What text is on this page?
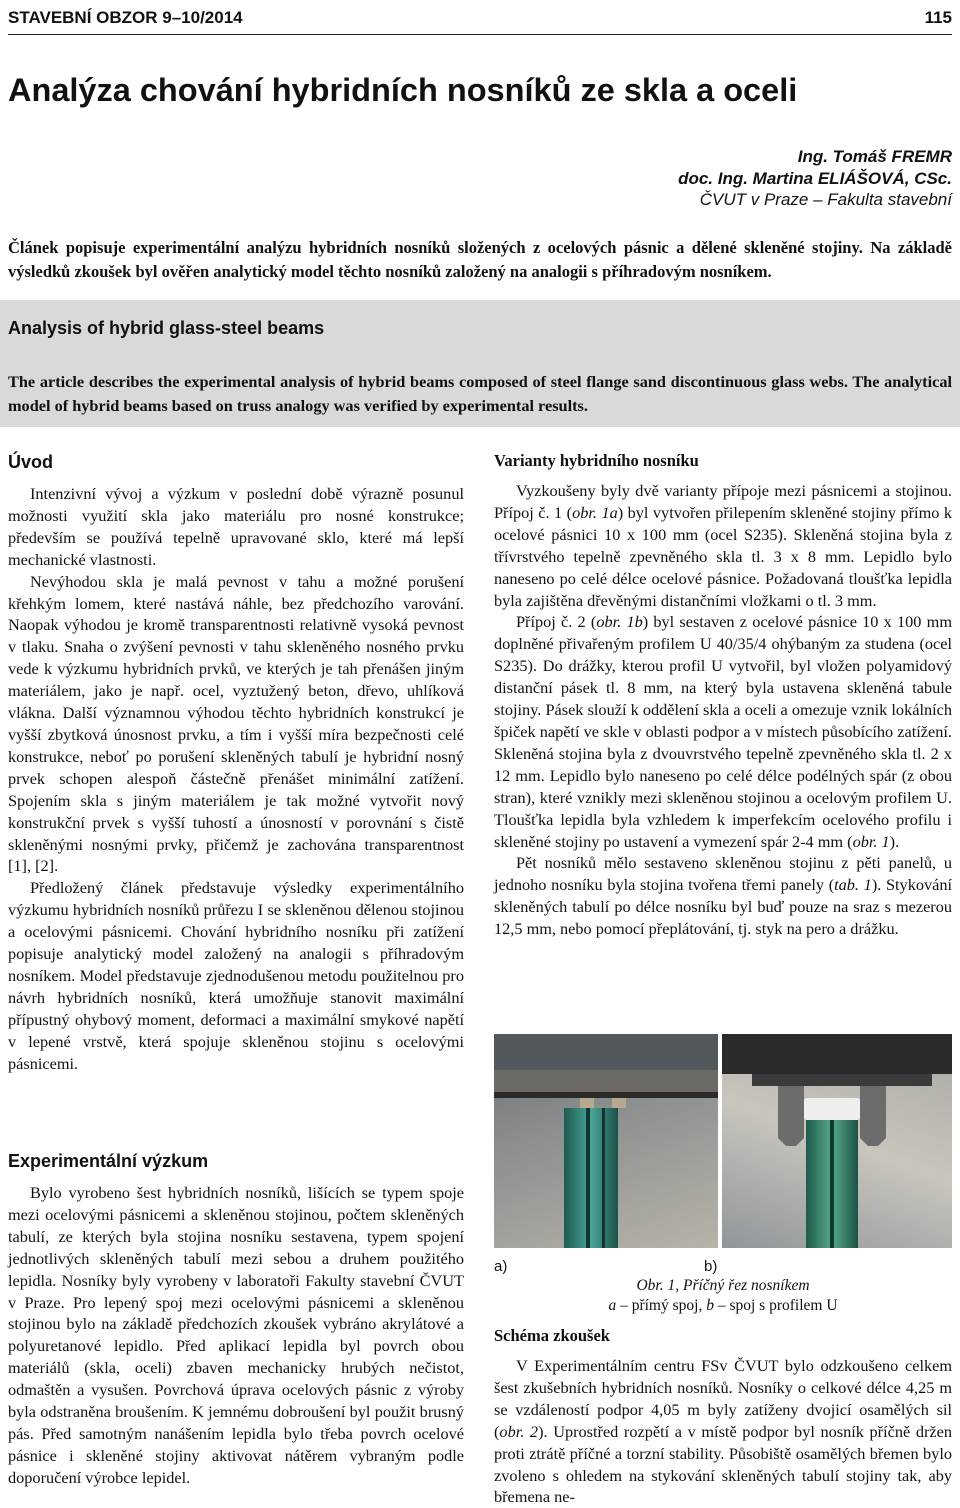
STAVEBNÍ OBZOR 9–10/2014	115
Analýza chování hybridních nosníků ze skla a oceli
Ing. Tomáš FREMR
doc. Ing. Martina ELIÁŠOVÁ, CSc.
ČVUT v Praze – Fakulta stavební

Článek popisuje experimentální analýzu hybridních nosníků složených z ocelových pásnic a dělené skleněné stojiny. Na základě výsledků zkoušek byl ověřen analytický model těchto nosníků založený na analogii s příhradovým nosníkem.

Analysis of hybrid glass-steel beams

The article describes the experimental analysis of hybrid beams composed of steel flange sand discontinuous glass webs. The analytical model of hybrid beams based on truss analogy was verified by experimental results.

Úvod

Intenzivní vývoj a výzkum v poslední době výrazně posunul možnosti využití skla jako materiálu pro nosné konstrukce; především se používá tepelně upravované sklo, které má lepší mechanické vlastnosti.

Nevýhodou skla je malá pevnost v tahu a možné porušení křehkým lomem, které nastává náhle, bez předchozího varování. Naopak výhodou je kromě transparentnosti relativně vysoká pevnost v tlaku. Snaha o zvýšení pevnosti v tahu skleněného nosného prvku vede k výzkumu hybridních prvků, ve kterých je tah přenášen jiným materiálem, jako je např. ocel, vyztužený beton, dřevo, uhlíková vlákna. Další významnou výhodou těchto hybridních konstrukcí je vyšší zbytková únosnost prvku, a tím i vyšší míra bezpečnosti celé konstrukce, neboť po porušení skleněných tabulí je hybridní nosný prvek schopen alespoň částečně přenášet minimální zatížení. Spojením skla s jiným materiálem je tak možné vytvořit nový konstrukční prvek s vyšší tuhostí a únosností v porovnání s čistě skleněnými nosnými prvky, přičemž je zachována transparentnost [1], [2].

Předložený článek představuje výsledky experimentálního výzkumu hybridních nosníků průřezu I se skleněnou dělenou stojinou a ocelovými pásnicemi. Chování hybridního nosníku při zatížení popisuje analytický model založený na analogii s příhradovým nosníkem. Model představuje zjednodušenou metodu použitelnou pro návrh hybridních nosníků, která umožňuje stanovit maximální přípustný ohybový moment, deformaci a maximální smykové napětí v lepené vrstvě, která spojuje skleněnou stojinu s ocelovými pásnicemi.

Experimentální výzkum

Bylo vyrobeno šest hybridních nosníků, lišících se typem spoje mezi ocelovými pásnicemi a skleněnou stojinou, počtem skleněných tabulí, ze kterých byla stojina nosníku sestavena, typem spojení jednotlivých skleněných tabulí mezi sebou a druhem použitého lepidla. Nosníky byly vyrobeny v laboratoři Fakulty stavební ČVUT v Praze. Pro lepený spoj mezi ocelovými pásnicemi a skleněnou stojinou bylo na základě předchozích zkoušek vybráno akrylátové a polyuretanové lepidlo. Před aplikací lepidla byl povrch obou materiálů (skla, oceli) zbaven mechanicky hrubých nečistot, odmaštěn a vysušen. Povrchová úprava ocelových pásnic z výroby byla odstraněna broušením. K jemnému dobroušení byl použit brusný pás. Před samotným nanášením lepidla bylo třeba povrch ocelové pásnice i skleněné stojiny aktivovat nátěrem vybraným podle doporučení výrobce lepidel.

Varianty hybridního nosníku

Vyzkoušeny byly dvě varianty přípoje mezi pásnicemi a stojinou. Přípoj č. 1 (obr. 1a) byl vytvořen přilepením skleněné stojiny přímo k ocelové pásnici 10 x 100 mm (ocel S235). Skleněná stojina byla z třívrstvého tepelně zpevněného skla tl. 3 x 8 mm. Lepidlo bylo naneseno po celé délce ocelové pásnice. Požadovaná tloušťka lepidla byla zajištěna dřevěnými distančními vložkami o tl. 3 mm.

Přípoj č. 2 (obr. 1b) byl sestaven z ocelové pásnice 10 x 100 mm doplněné přivařeným profilem U 40/35/4 ohýbaným za studena (ocel S235). Do drážky, kterou profil U vytvořil, byl vložen polyamidový distanční pásek tl. 8 mm, na který byla ustavena skleněná tabule stojiny. Pásek slouží k oddělení skla a oceli a omezuje vznik lokálních špiček napětí ve skle v oblasti podpor a v místech působícího zatížení. Skleněná stojina byla z dvouvrstvého tepelně zpevněného skla tl. 2 x 12 mm. Lepidlo bylo naneseno po celé délce podélných spár (z obou stran), které vznikly mezi skleněnou stojinou a ocelovým profilem U. Tloušťka lepidla byla vzhledem k imperfekcím ocelového profilu i skleněné stojiny po ustavení a vymezení spár 2-4 mm (obr. 1).

Pět nosníků mělo sestaveno skleněnou stojinu z pěti panelů, u jednoho nosníku byla stojina tvořena třemi panely (tab. 1). Stykování skleněných tabulí po délce nosníku byl buď pouze na sraz s mezerou 12,5 mm, nebo pomocí přeplátování, tj. styk na pero a drážku.

a)	b)
Obr. 1, Příčný řez nosníkem
a – přímý spoj, b – spoj s profilem U
Schéma zkoušek

V Experimentálním centru FSv ČVUT bylo odzkoušeno celkem šest zkušebních hybridních nosníků. Nosníky o celkové délce 4,25 m se vzdáleností podpor 4,05 m byly zatíženy dvojicí osamělých sil (obr. 2). Uprostřed rozpětí a v místě podpor byl nosník příčně držen proti ztrátě příčné a torzní stability. Působiště osamělých břemen bylo zvoleno s ohledem na stykování skleněných tabulí stojiny tak, aby břemena ne-
